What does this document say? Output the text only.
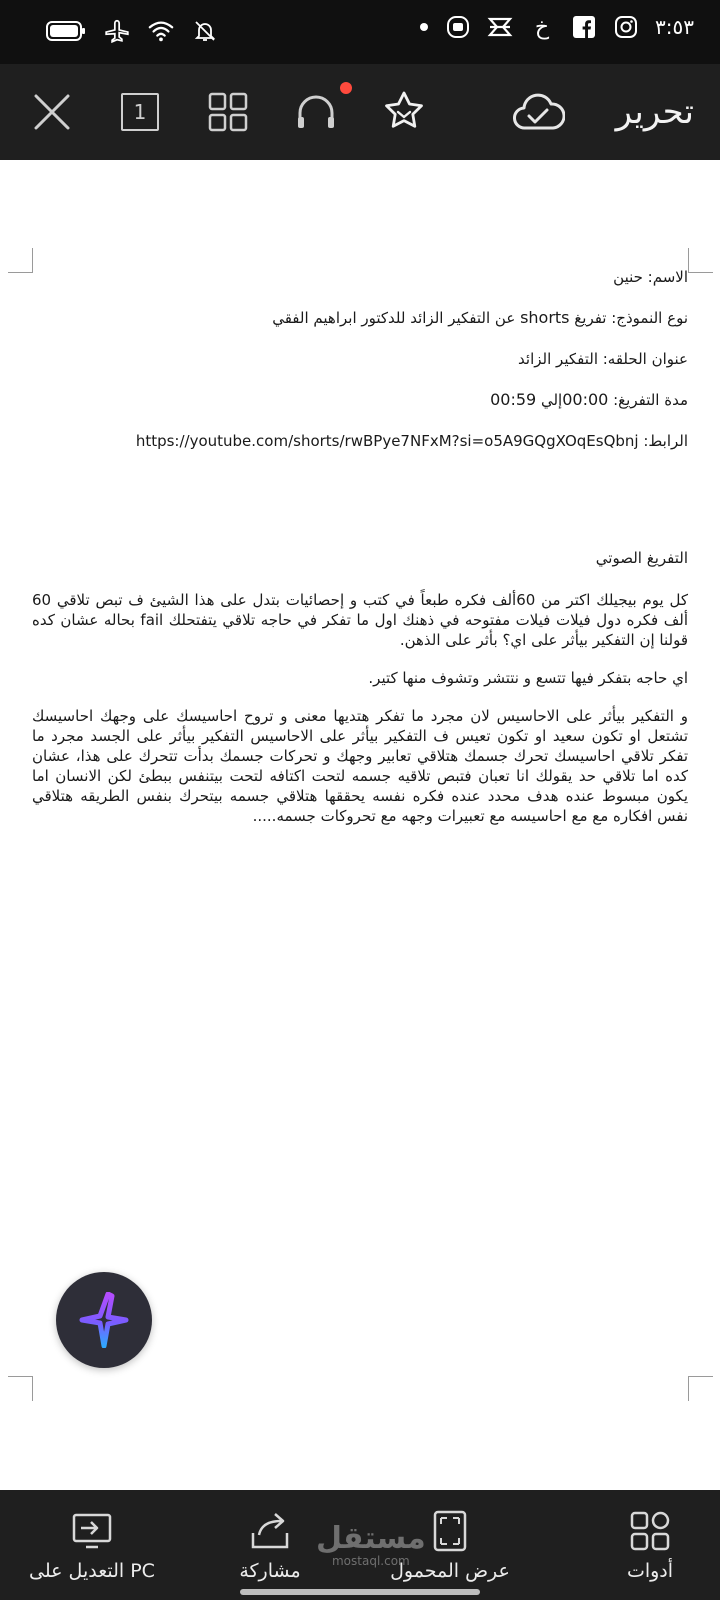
خ	٣:٥٣
1	تحرير

الاسم: حنين

نوع النموذج: تفريغ shorts عن التفكير الزائد للدكتور ابراهيم الفقي

عنوان الحلقه: التفكير الزائد

مدة التفريغ: 00:00إلي 00:59

الرابط: https://youtube.com/shorts/rwBPye7NFxM?si=o5A9GQgXOqEsQbnj

التفريغ الصوتي

كل يوم بيجيلك اكتر من 60ألف فكره طبعاً في كتب و إحصائيات بتدل على هذا الشيئ ف تبص تلاقي 60 ألف فكره دول فيلات فيلات مفتوحه في ذهنك اول ما تفكر في حاجه تلاقي يتفتحلك fail بحاله عشان كده قولنا إن التفكير بيأثر على اي؟ بأثر على الذهن.

اي حاجه بتفكر فيها تتسع و نتتشر وتشوف منها كتير.

و التفكير بيأثر على الاحاسيس لان مجرد ما تفكر هتديها معنى و تروح احاسيسك على وجهك احاسيسك تشتعل او تكون سعيد او تكون تعيس ف التفكير بيأثر على الاحاسيس التفكير بيأثر على الجسد مجرد ما تفكر تلاقي احاسيسك تحرك جسمك هتلاقي تعابير وجهك و تحركات جسمك بدأت تتحرك على هذا، عشان كده اما تلاقي حد يقولك انا تعبان فتبص تلاقيه جسمه لتحت اكتافه لتحت بيتنفس ببطئ لكن الانسان اما يكون مبسوط عنده هدف محدد عنده فكره نفسه يحققها هتلاقي جسمه بيتحرك بنفس الطريقه هتلاقي نفس افكاره مع مع احاسيسه مع تعبيرات وجهه مع تحروكات جسمه.....

أدوات
عرض المحمول
مشاركة
التعديل على PC
مستقل
mostaql.com
